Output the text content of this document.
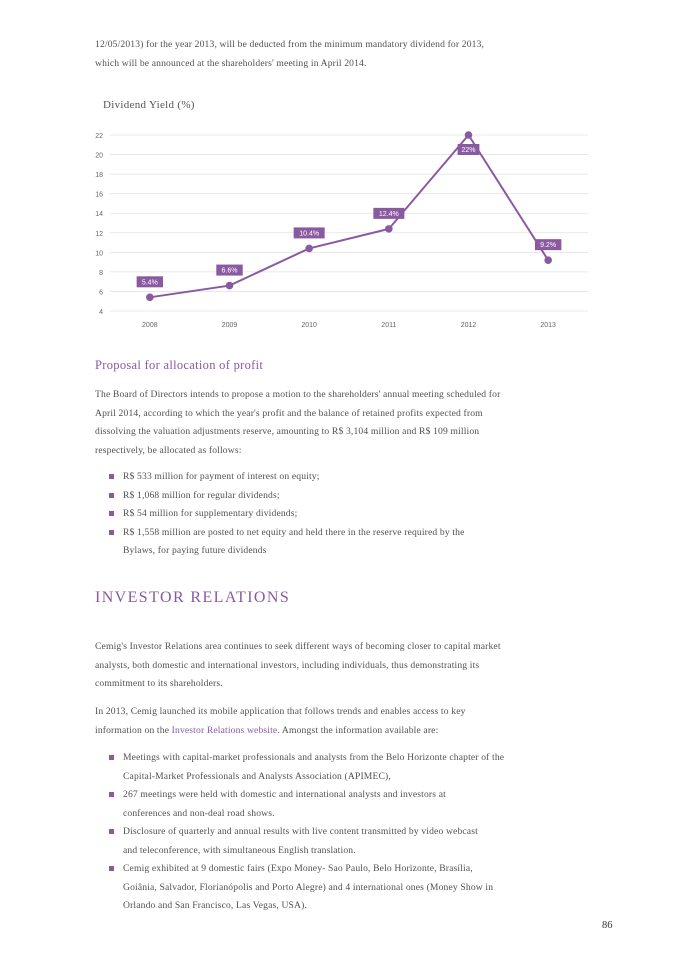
12/05/2013) for the year 2013, will be deducted from the minimum mandatory dividend for 2013,

which will be announced at the shareholders' meeting in April 2014.

Dividend Yield (%)
4
6
8
10
12
14
16
18
20
22
2008	2009	2010	2011	2012	2013
5.4%
6.6%
10.4%
12.4%
22%
9.2%
Proposal for allocation of profit
The Board of Directors intends to propose a motion to the shareholders' annual meeting scheduled for April 2014, according to which the year's profit and the balance of retained profits expected from dissolving the valuation adjustments reserve, amounting to R$ 3,104 million and R$ 109 million respectively, be allocated as follows:
R$ 533 million for payment of interest on equity;
R$ 1,068 million for regular dividends;
R$ 54 million for supplementary dividends;
R$ 1,558 million are posted to net equity and held there in the reserve required by the Bylaws, for paying future dividends
INVESTOR RELATIONS
Cemig's Investor Relations area continues to seek different ways of becoming closer to capital market analysts, both domestic and international investors, including individuals, thus demonstrating its commitment to its shareholders.
In 2013, Cemig launched its mobile application that follows trends and enables access to key information on the Investor Relations website. Amongst the information available are:
Meetings with capital-market professionals and analysts from the Belo Horizonte chapter of the Capital-Market Professionals and Analysts Association (APIMEC),
267 meetings were held with domestic and international analysts and investors at conferences and non-deal road shows.
Disclosure of quarterly and annual results with live content transmitted by video webcast and teleconference, with simultaneous English translation.
Cemig exhibited at 9 domestic fairs (Expo Money- Sao Paulo, Belo Horizonte, Brasília, Goiânia, Salvador, Florianópolis and Porto Alegre) and 4 international ones (Money Show in Orlando and San Francisco, Las Vegas, USA).
86
